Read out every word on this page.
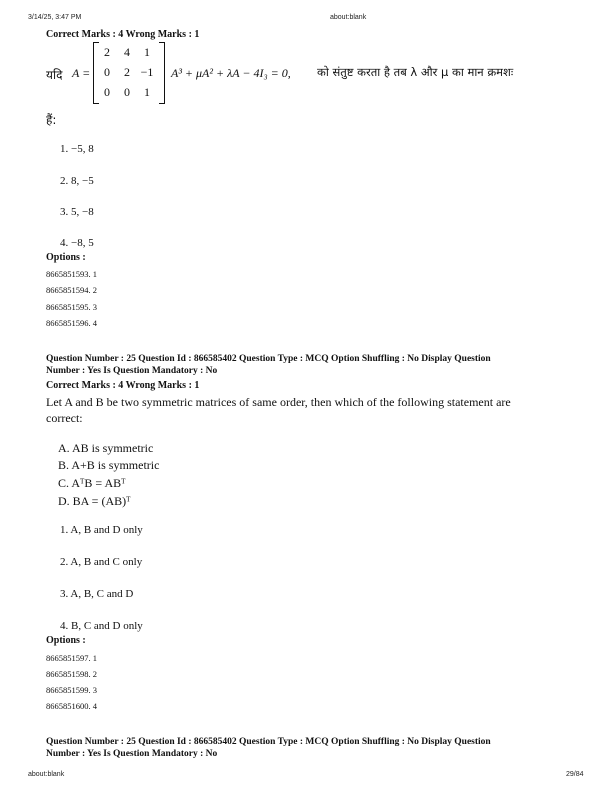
3/14/25, 3:47 PM	about:blank
Correct Marks : 4 Wrong Marks : 1
यदि A =
2	4	1
0	2	−1
0	0	1
A³ + μA² + λA − 4I₃ = 0, को संतुष्ट करता है तब λ और μ का मान क्रमशः
हैं:
1. −5, 8
2. 8, −5
3. 5, −8
4. −8, 5
Options :
8665851593. 1
8665851594. 2
8665851595. 3
8665851596. 4
Question Number : 25 Question Id : 866585402 Question Type : MCQ Option Shuffling : No Display Question
Number : Yes Is Question Mandatory : No
Correct Marks : 4 Wrong Marks : 1
Let A and B be two symmetric matrices of same order, then which of the following statement are
correct:
A. AB is symmetric
B. A+B is symmetric
C. AᵀB = ABᵀ
D. BA = (AB)ᵀ
1. A, B and D only
2. A, B and C only
3. A, B, C and D
4. B, C and D only
Options :
8665851597. 1
8665851598. 2
8665851599. 3
8665851600. 4
Question Number : 25 Question Id : 866585402 Question Type : MCQ Option Shuffling : No Display Question
Number : Yes Is Question Mandatory : No
about:blank	29/84
